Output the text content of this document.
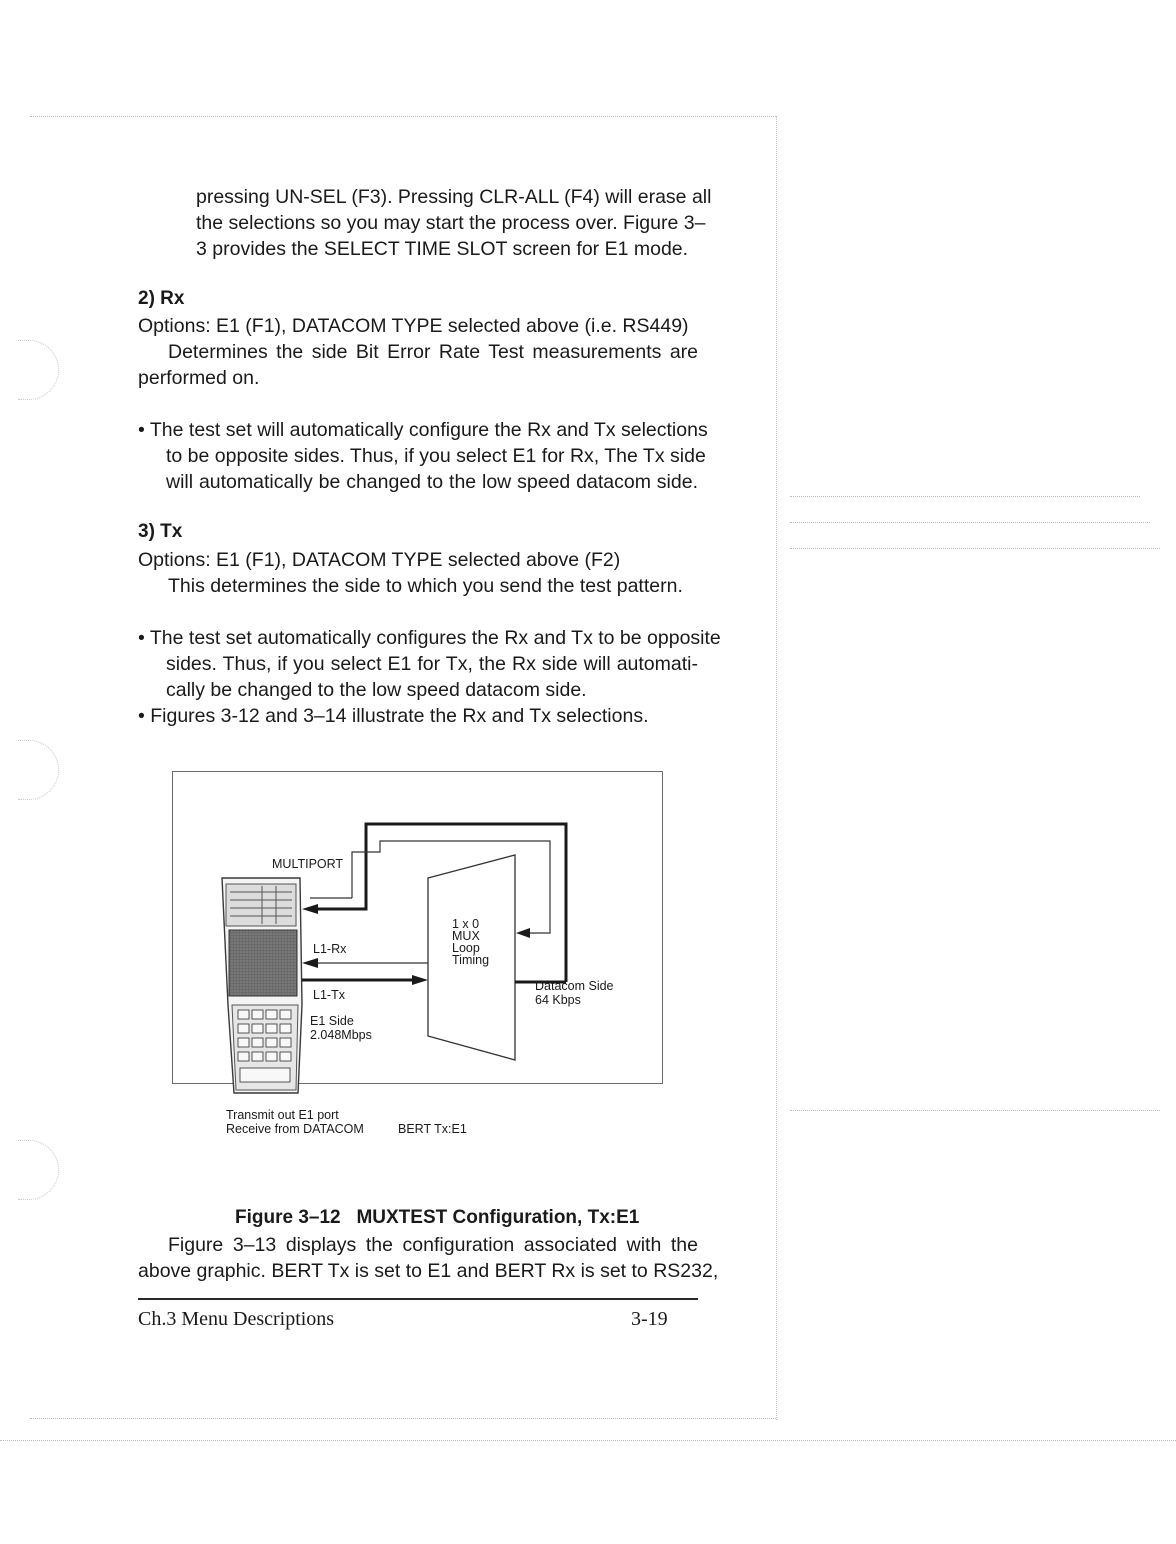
pressing UN-SEL (F3). Pressing CLR-ALL (F4) will erase all
the selections so you may start the process over. Figure 3–
3 provides the SELECT TIME SLOT screen for E1 mode.
2) Rx
Options: E1 (F1), DATACOM TYPE selected above (i.e. RS449)
Determines the side Bit Error Rate Test measurements are
performed on.
• The test set will automatically configure the Rx and Tx selections
to be opposite sides. Thus, if you select E1 for Rx, The Tx side
will automatically be changed to the low speed datacom side.
3) Tx
Options: E1 (F1), DATACOM TYPE selected above (F2)
This determines the side to which you send the test pattern.
• The test set automatically configures the Rx and Tx to be opposite
sides. Thus, if you select E1 for Tx, the Rx side will automati-
cally be changed to the low speed datacom side.
• Figures 3-12 and 3–14 illustrate the Rx and Tx selections.
MULTIPORT
L1-Rx
L1-Tx
E1 Side
2.048Mbps
1 x 0
MUX
Loop
Timing
Datacom Side
64 Kbps
Transmit out E1 port
Receive from DATACOM	BERT Tx:E1
Figure 3–12   MUXTEST Configuration, Tx:E1
Figure 3–13 displays the configuration associated with the
above graphic. BERT Tx is set to E1 and BERT Rx is set to RS232,
Ch.3 Menu Descriptions	3-19
